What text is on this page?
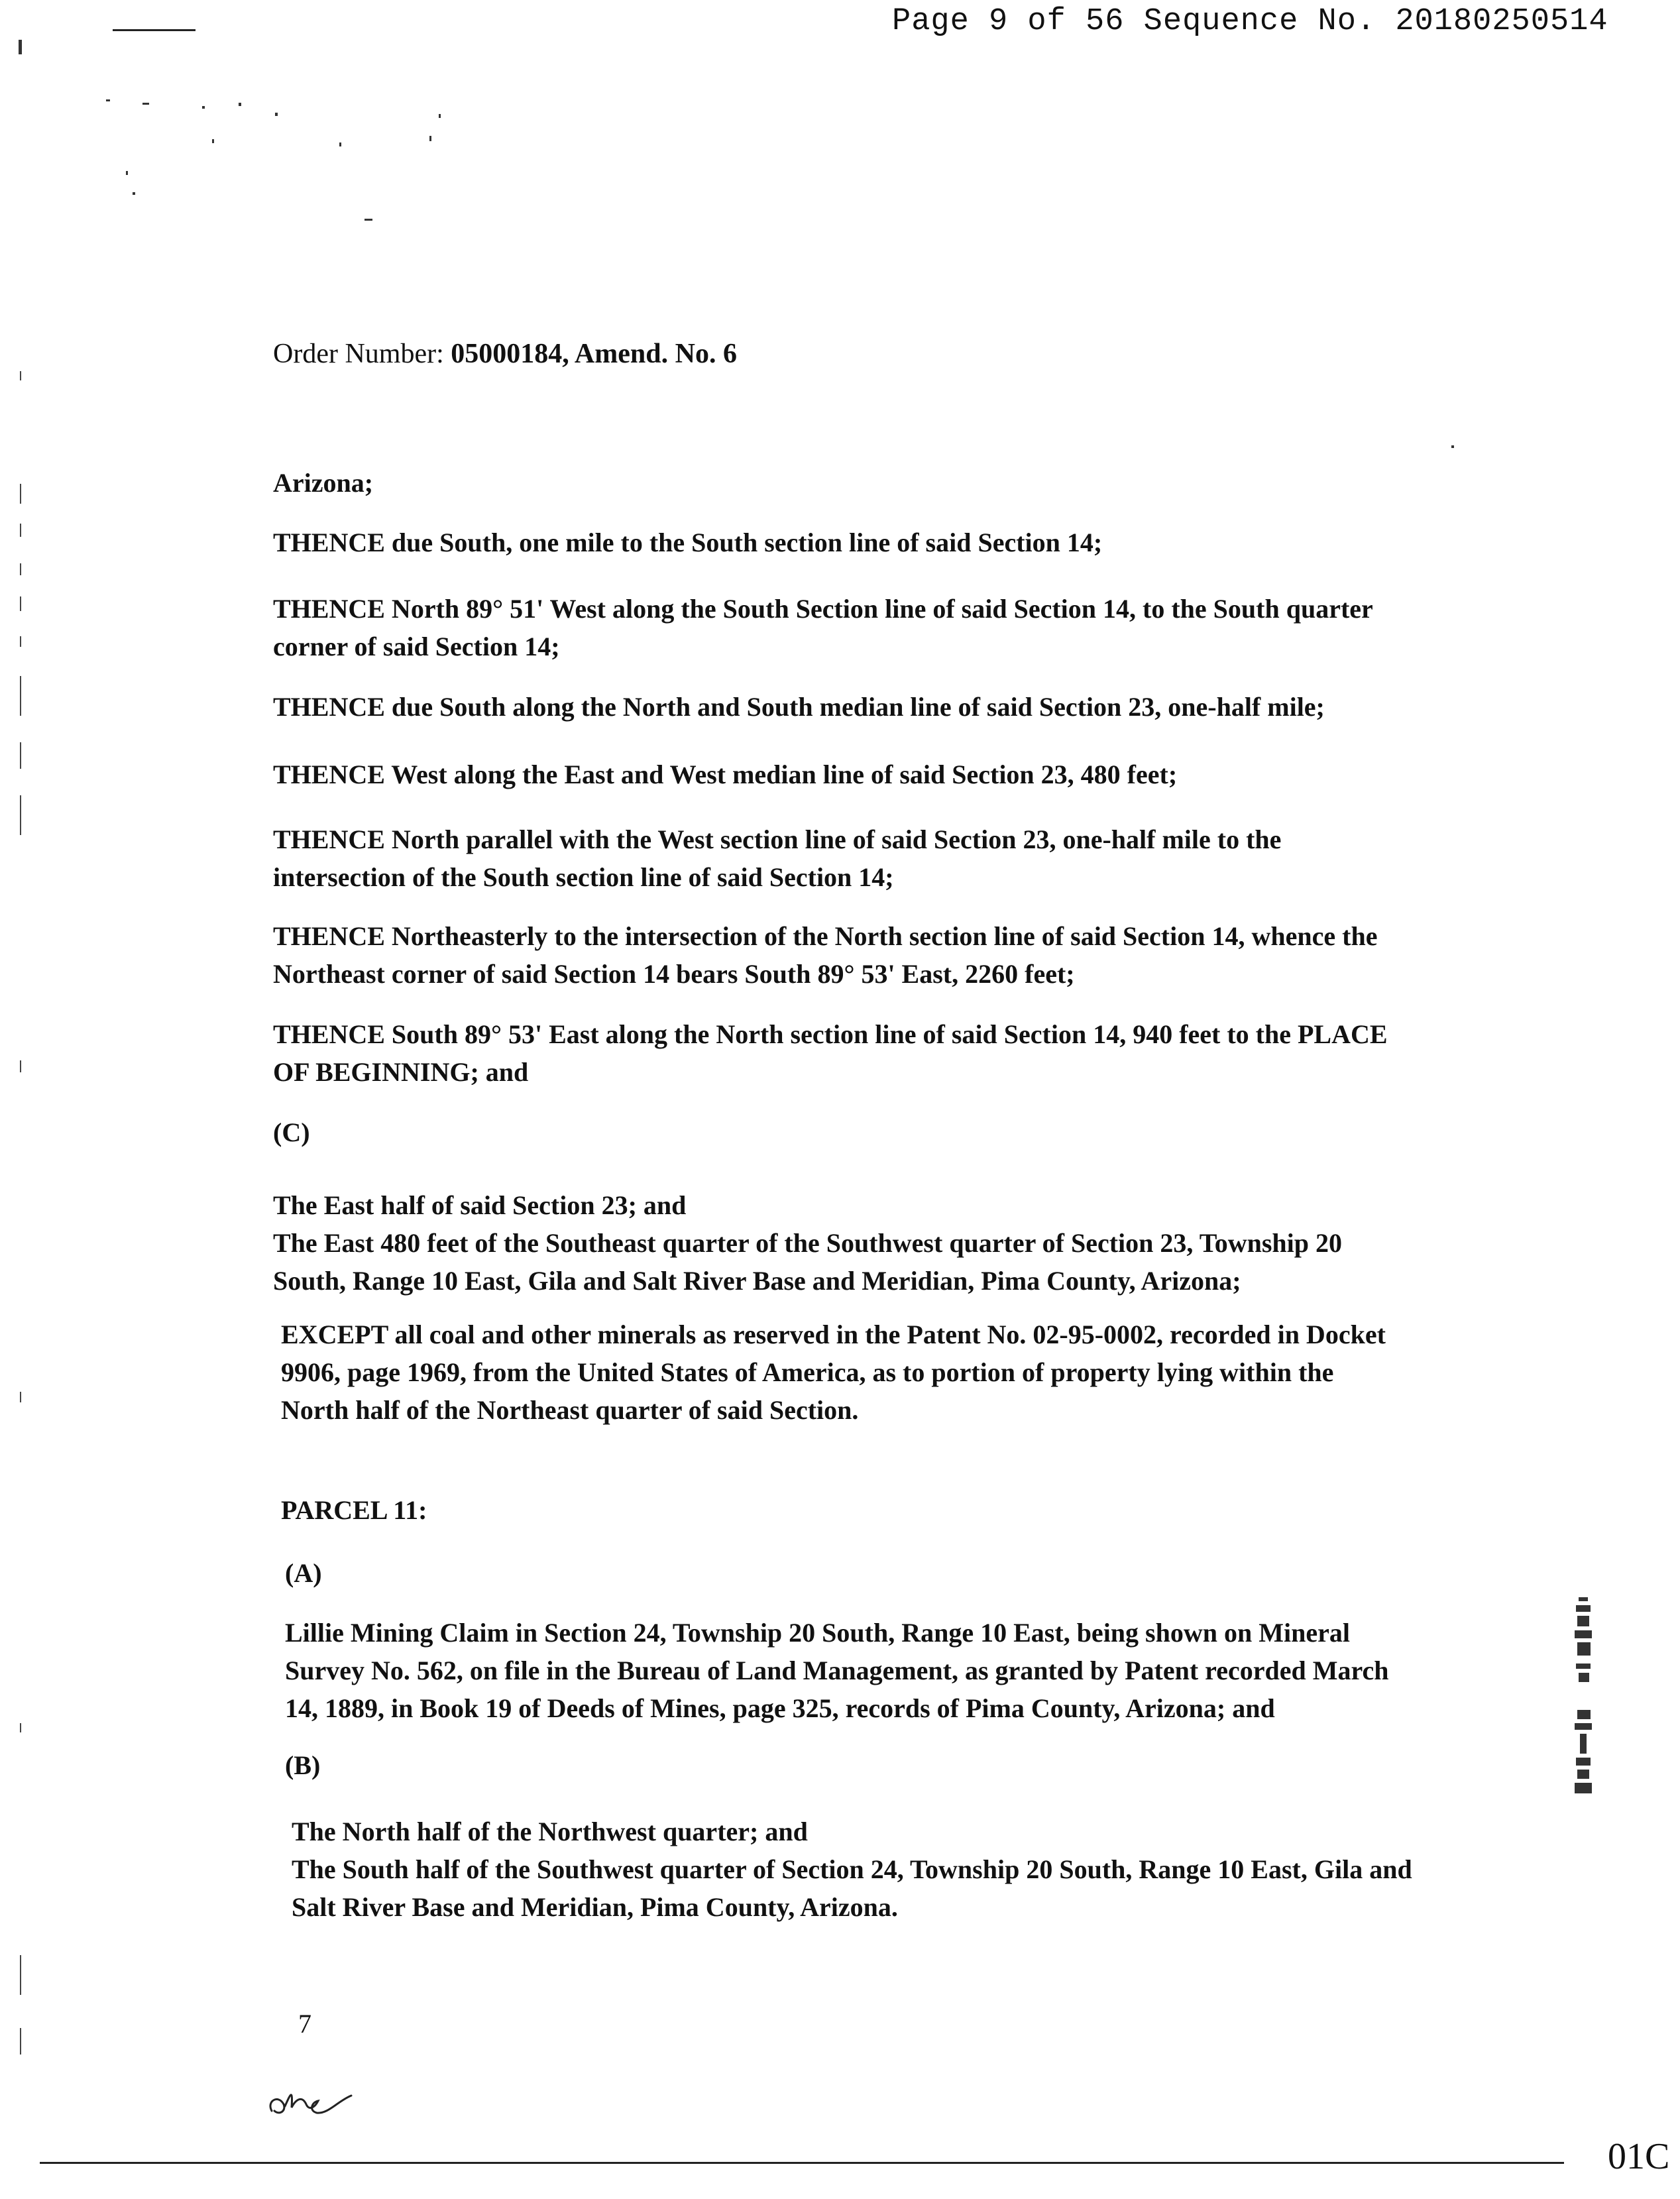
Page 9 of 56 Sequence No. 20180250514
Order Number: 05000184, Amend. No. 6
Arizona;
THENCE due South, one mile to the South section line of said Section 14;
THENCE North 89° 51' West along the South Section line of said Section 14, to the South quarter
corner of said Section 14;
THENCE due South along the North and South median line of said Section 23, one-half mile;
THENCE West along the East and West median line of said Section 23, 480 feet;
THENCE North parallel with the West section line of said Section 23, one-half mile to the
intersection of the South section line of said Section 14;
THENCE Northeasterly to the intersection of the North section line of said Section 14, whence the
Northeast corner of said Section 14 bears South 89° 53' East, 2260 feet;
THENCE South 89° 53' East along the North section line of said Section 14, 940 feet to the PLACE
OF BEGINNING; and
(C)
The East half of said Section 23; and
The East 480 feet of the Southeast quarter of the Southwest quarter of Section 23, Township 20
South, Range 10 East, Gila and Salt River Base and Meridian, Pima County, Arizona;
EXCEPT all coal and other minerals as reserved in the Patent No. 02-95-0002, recorded in Docket
9906, page 1969, from the United States of America, as to portion of property lying within the
North half of the Northeast quarter of said Section.
PARCEL 11:
(A)
Lillie Mining Claim in Section 24, Township 20 South, Range 10 East, being shown on Mineral
Survey No. 562, on file in the Bureau of Land Management, as granted by Patent recorded March
14, 1889, in Book 19 of Deeds of Mines, page 325, records of Pima County, Arizona; and
(B)
The North half of the Northwest quarter; and
The South half of the Southwest quarter of Section 24, Township 20 South, Range 10 East, Gila and
Salt River Base and Meridian, Pima County, Arizona.
7
01C
